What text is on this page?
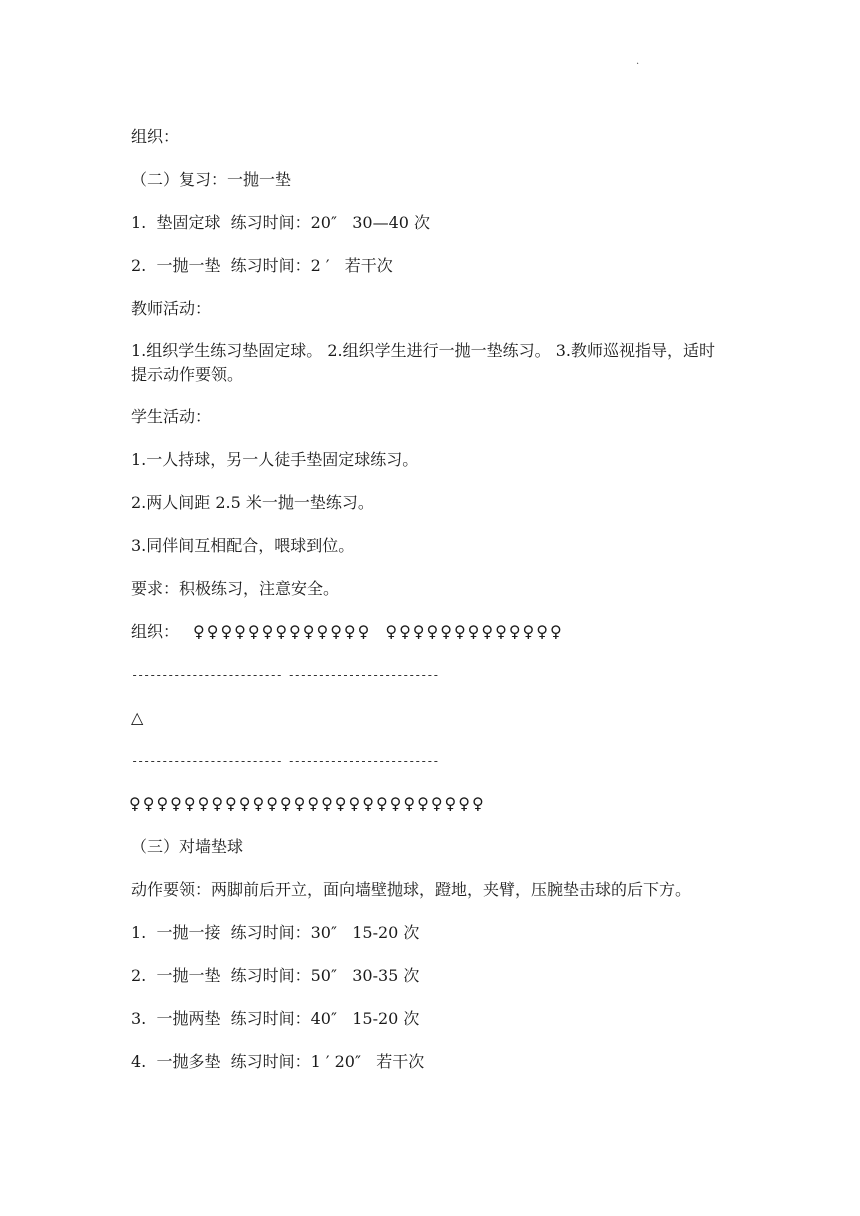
.
组织：
（二）复习：一抛一垫
1.  垫固定球  练习时间：20″   30—40 次
2.  一抛一垫  练习时间：2 ′   若干次
教师活动：
1.组织学生练习垫固定球。 2.组织学生进行一抛一垫练习。 3.教师巡视指导，适时提示动作要领。
学生活动：
1.一人持球，另一人徒手垫固定球练习。
2.两人间距 2.5 米一抛一垫练习。
3.同伴间互相配合，喂球到位。
要求：积极练习，注意安全。
组织： ♀♀♀♀♀♀♀♀♀♀♀♀♀ ♀♀♀♀♀♀♀♀♀♀♀♀♀
------------------------- -------------------------
△
------------------------- -------------------------
♀♀♀♀♀♀♀♀♀♀♀♀♀♀♀♀♀♀♀♀♀♀♀♀♀♀
（三）对墙垫球
动作要领：两脚前后开立，面向墙壁抛球，蹬地，夹臂，压腕垫击球的后下方。
1.  一抛一接  练习时间：30″   15-20 次
2.  一抛一垫  练习时间：50″   30-35 次
3.  一抛两垫  练习时间：40″   15-20 次
4.  一抛多垫  练习时间：1 ′ 20″   若干次
